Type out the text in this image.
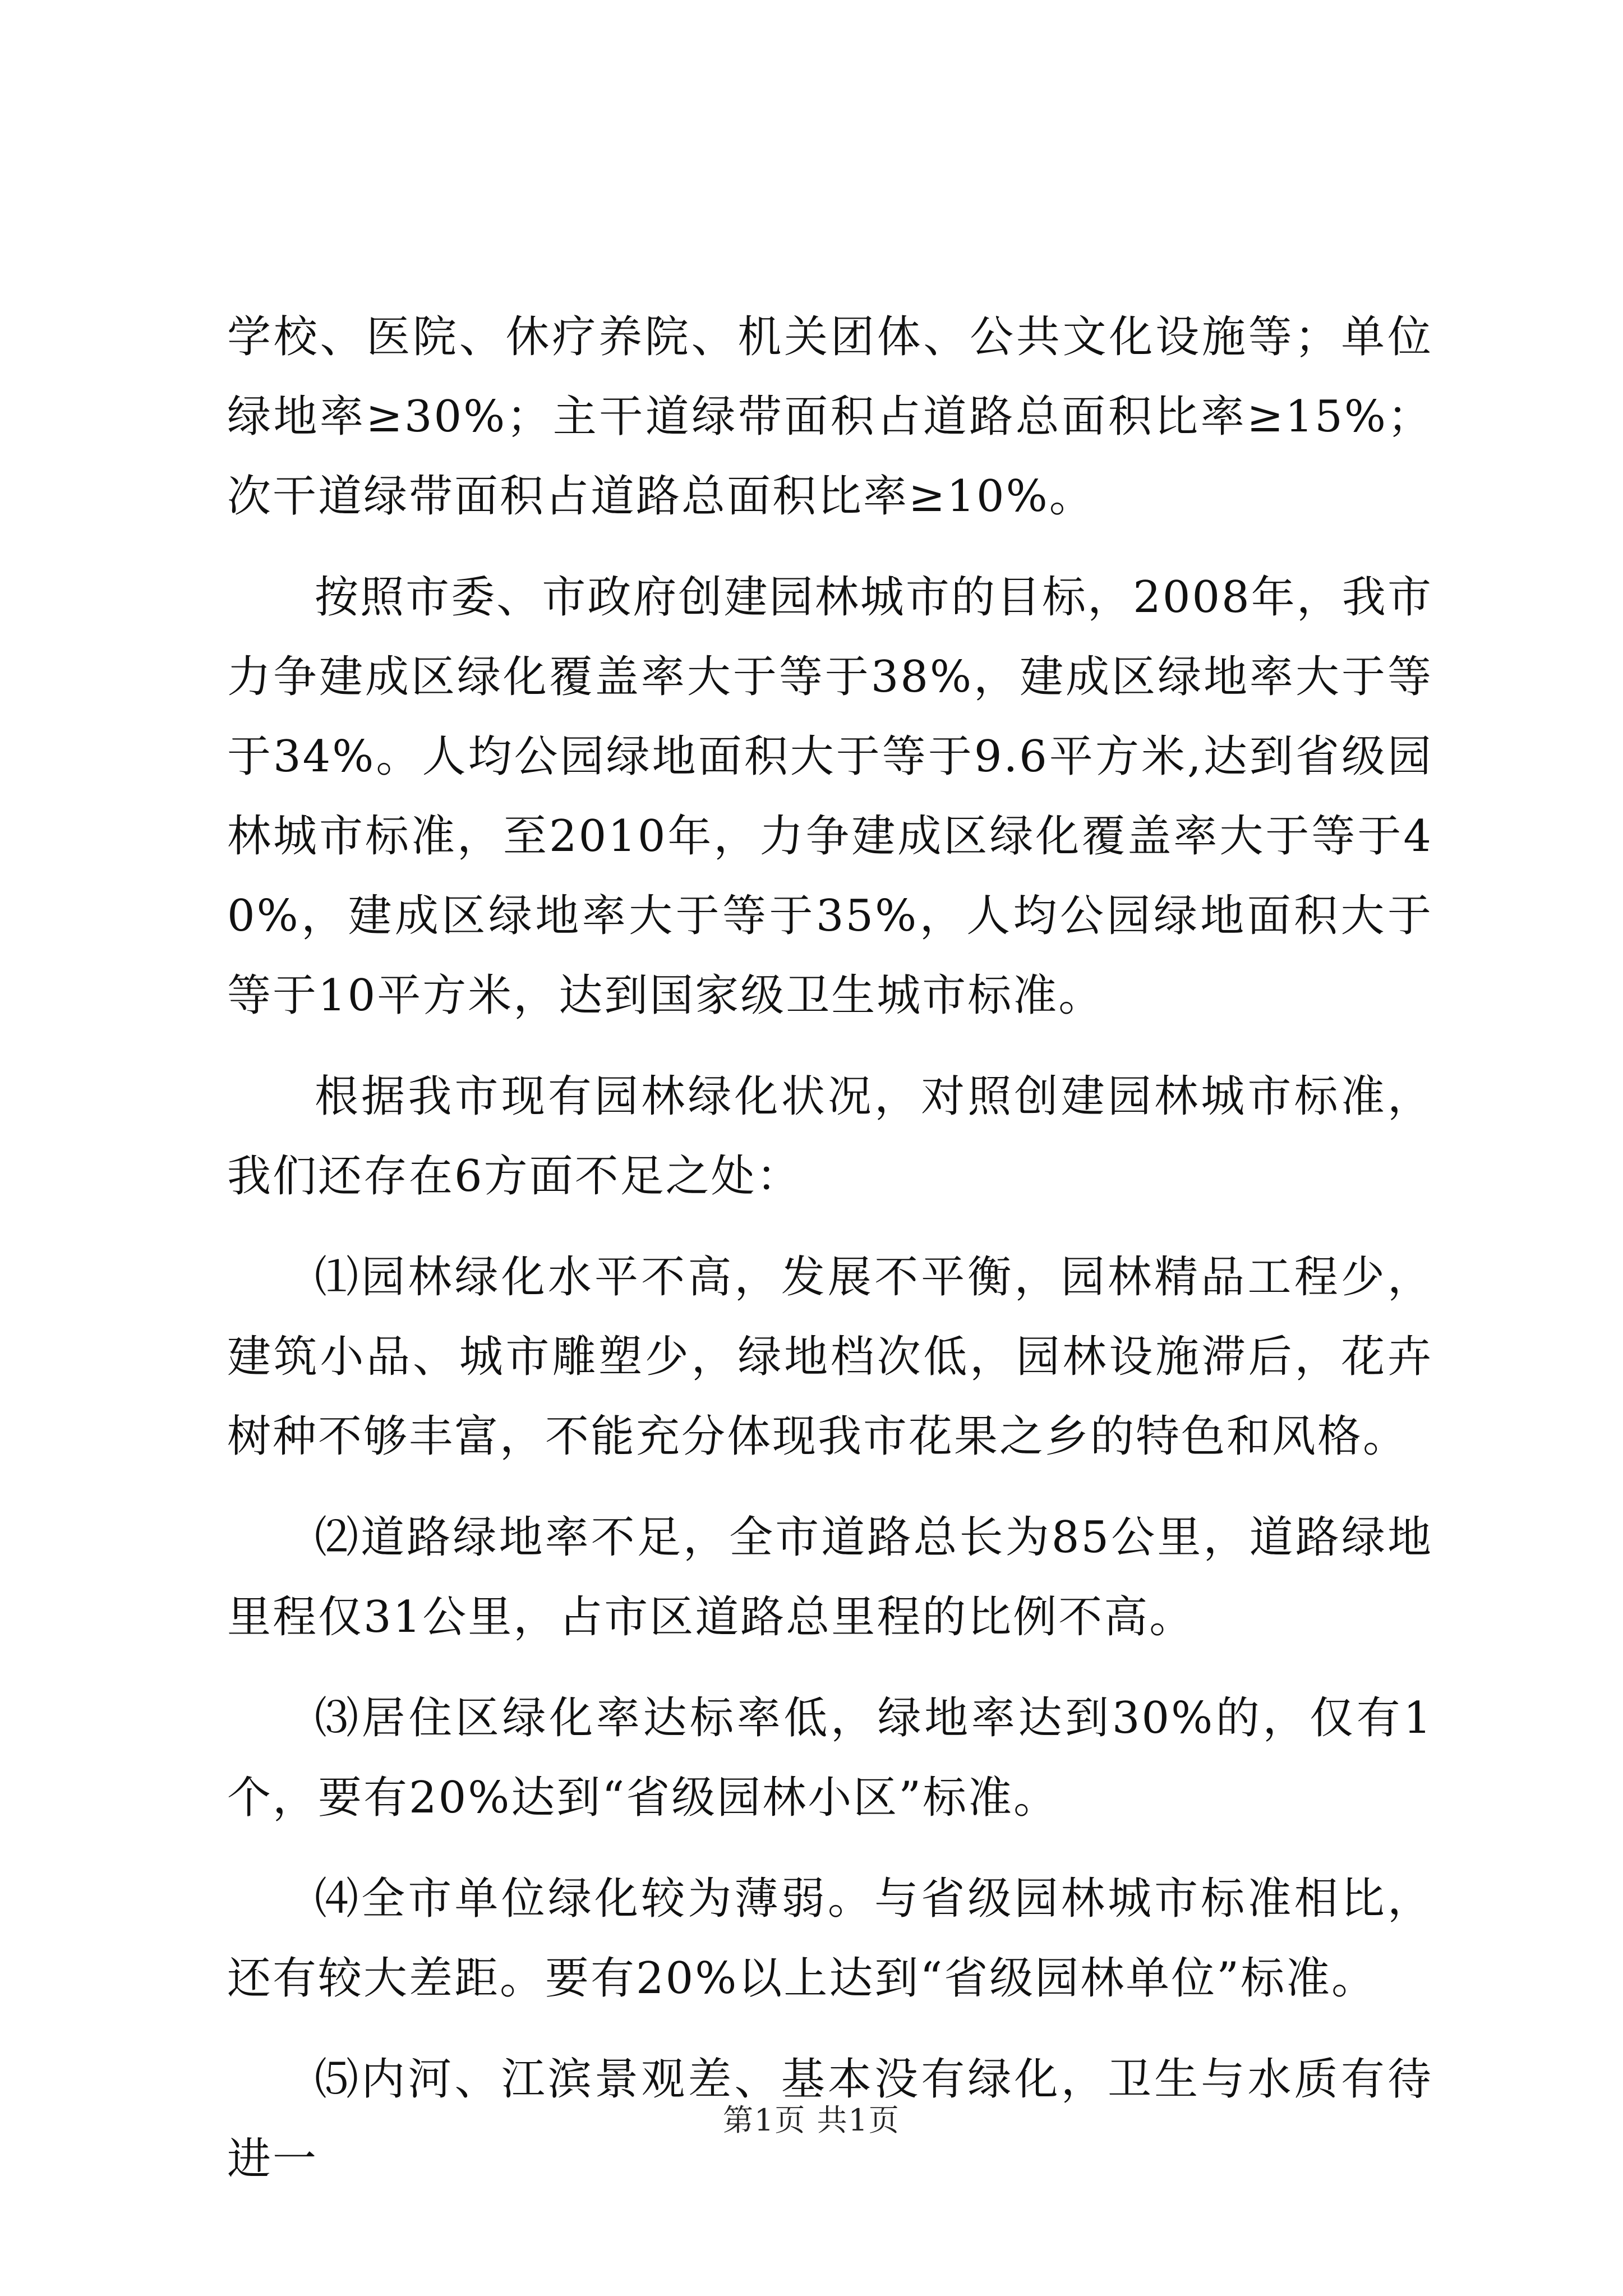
学校、医院、休疗养院、机关团体、公共文化设施等；单位绿地率≥30%；主干道绿带面积占道路总面积比率≥15%；次干道绿带面积占道路总面积比率≥10%。

按照市委、市政府创建园林城市的目标，2008年，我市力争建成区绿化覆盖率大于等于38%，建成区绿地率大于等于34%。人均公园绿地面积大于等于9.6平方米,达到省级园林城市标准，至2010年，力争建成区绿化覆盖率大于等于40%，建成区绿地率大于等于35%，人均公园绿地面积大于等于10平方米，达到国家级卫生城市标准。

根据我市现有园林绿化状况，对照创建园林城市标准，我们还存在6方面不足之处：

⑴园林绿化水平不高，发展不平衡，园林精品工程少，建筑小品、城市雕塑少，绿地档次低，园林设施滞后，花卉树种不够丰富，不能充分体现我市花果之乡的特色和风格。

⑵道路绿地率不足，全市道路总长为85公里，道路绿地里程仅31公里，占市区道路总里程的比例不高。

⑶居住区绿化率达标率低，绿地率达到30%的，仅有1个，要有20%达到“省级园林小区”标准。

⑷全市单位绿化较为薄弱。与省级园林城市标准相比，还有较大差距。要有20%以上达到“省级园林单位”标准。

⑸内河、江滨景观差、基本没有绿化，卫生与水质有待进一

第1页 共1页
